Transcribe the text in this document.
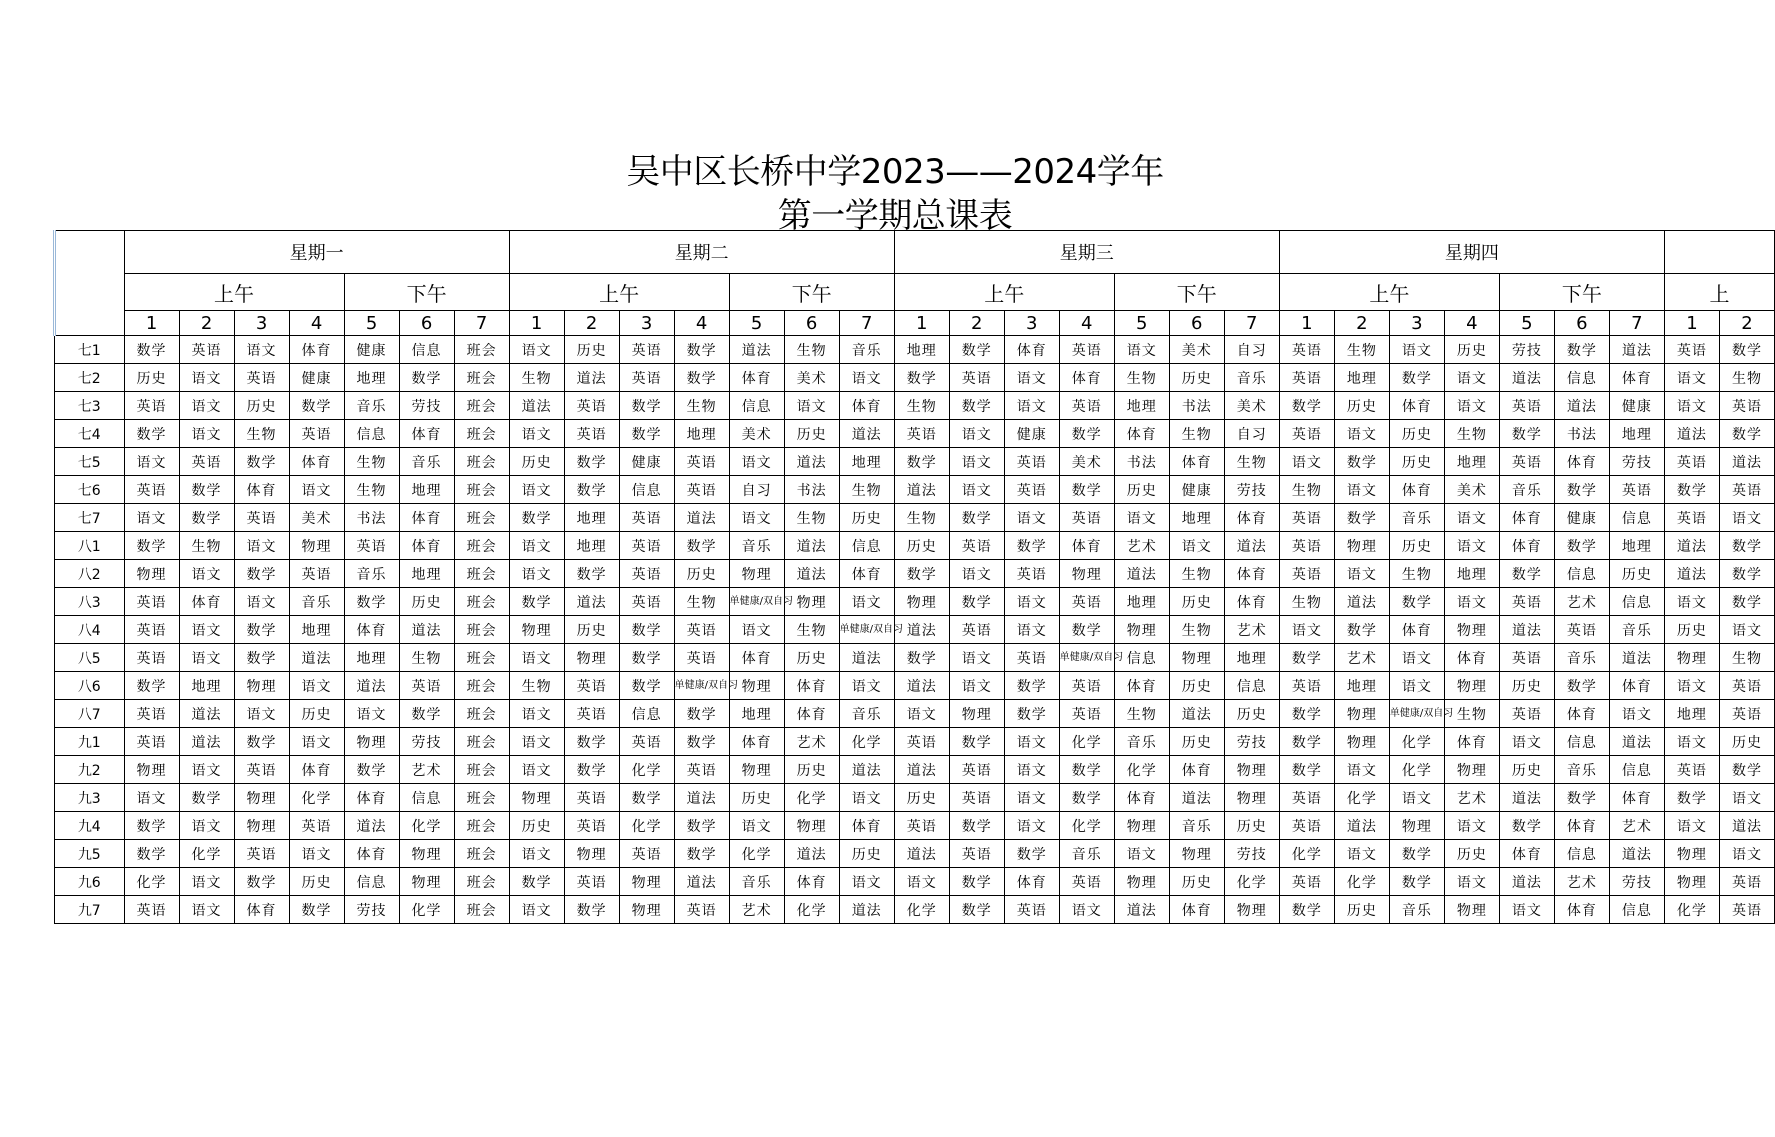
吴中区长桥中学2023——2024学年
第一学期总课表
	星期一							星期二							星期三							星期四								
	上午				下午			上午				下午			上午				下午			上午				下午			上	
	1	2	3	4	5	6	7	1	2	3	4	5	6	7	1	2	3	4	5	6	7	1	2	3	4	5	6	7	1	2
七1	数学	英语	语文	体育	健康	信息	班会	语文	历史	英语	数学	道法	生物	音乐	地理	数学	体育	英语	语文	美术	自习	英语	生物	语文	历史	劳技	数学	道法	英语	数学
七2	历史	语文	英语	健康	地理	数学	班会	生物	道法	英语	数学	体育	美术	语文	数学	英语	语文	体育	生物	历史	音乐	英语	地理	数学	语文	道法	信息	体育	语文	生物
七3	英语	语文	历史	数学	音乐	劳技	班会	道法	英语	数学	生物	信息	语文	体育	生物	数学	语文	英语	地理	书法	美术	数学	历史	体育	语文	英语	道法	健康	语文	英语
七4	数学	语文	生物	英语	信息	体育	班会	语文	英语	数学	地理	美术	历史	道法	英语	语文	健康	数学	体育	生物	自习	英语	语文	历史	生物	数学	书法	地理	道法	数学
七5	语文	英语	数学	体育	生物	音乐	班会	历史	数学	健康	英语	语文	道法	地理	数学	语文	英语	美术	书法	体育	生物	语文	数学	历史	地理	英语	体育	劳技	英语	道法
七6	英语	数学	体育	语文	生物	地理	班会	语文	数学	信息	英语	自习	书法	生物	道法	语文	英语	数学	历史	健康	劳技	生物	语文	体育	美术	音乐	数学	英语	数学	英语
七7	语文	数学	英语	美术	书法	体育	班会	数学	地理	英语	道法	语文	生物	历史	生物	数学	语文	英语	语文	地理	体育	英语	数学	音乐	语文	体育	健康	信息	英语	语文
八1	数学	生物	语文	物理	英语	体育	班会	语文	地理	英语	数学	音乐	道法	信息	历史	英语	数学	体育	艺术	语文	道法	英语	物理	历史	语文	体育	数学	地理	道法	数学
八2	物理	语文	数学	英语	音乐	地理	班会	语文	数学	英语	历史	物理	道法	体育	数学	语文	英语	物理	道法	生物	体育	英语	语文	生物	地理	数学	信息	历史	道法	数学
八3	英语	体育	语文	音乐	数学	历史	班会	数学	道法	英语	生物	单健康/双自习	物理	语文	物理	数学	语文	英语	地理	历史	体育	生物	道法	数学	语文	英语	艺术	信息	语文	数学
八4	英语	语文	数学	地理	体育	道法	班会	物理	历史	数学	英语	语文	生物	单健康/双自习	道法	英语	语文	数学	物理	生物	艺术	语文	数学	体育	物理	道法	英语	音乐	历史	语文
八5	英语	语文	数学	道法	地理	生物	班会	语文	物理	数学	英语	体育	历史	道法	数学	语文	英语	单健康/双自习	信息	物理	地理	数学	艺术	语文	体育	英语	音乐	道法	物理	生物
八6	数学	地理	物理	语文	道法	英语	班会	生物	英语	数学	单健康/双自习	物理	体育	语文	道法	语文	数学	英语	体育	历史	信息	英语	地理	语文	物理	历史	数学	体育	语文	英语
八7	英语	道法	语文	历史	语文	数学	班会	语文	英语	信息	数学	地理	体育	音乐	语文	物理	数学	英语	生物	道法	历史	数学	物理	单健康/双自习	生物	英语	体育	语文	地理	英语
九1	英语	道法	数学	语文	物理	劳技	班会	语文	数学	英语	数学	体育	艺术	化学	英语	数学	语文	化学	音乐	历史	劳技	数学	物理	化学	体育	语文	信息	道法	语文	历史
九2	物理	语文	英语	体育	数学	艺术	班会	语文	数学	化学	英语	物理	历史	道法	道法	英语	语文	数学	化学	体育	物理	数学	语文	化学	物理	历史	音乐	信息	英语	数学
九3	语文	数学	物理	化学	体育	信息	班会	物理	英语	数学	道法	历史	化学	语文	历史	英语	语文	数学	体育	道法	物理	英语	化学	语文	艺术	道法	数学	体育	数学	语文
九4	数学	语文	物理	英语	道法	化学	班会	历史	英语	化学	数学	语文	物理	体育	英语	数学	语文	化学	物理	音乐	历史	英语	道法	物理	语文	数学	体育	艺术	语文	道法
九5	数学	化学	英语	语文	体育	物理	班会	语文	物理	英语	数学	化学	道法	历史	道法	英语	数学	音乐	语文	物理	劳技	化学	语文	数学	历史	体育	信息	道法	物理	语文
九6	化学	语文	数学	历史	信息	物理	班会	数学	英语	物理	道法	音乐	体育	语文	语文	数学	体育	英语	物理	历史	化学	英语	化学	数学	语文	道法	艺术	劳技	物理	英语
九7	英语	语文	体育	数学	劳技	化学	班会	语文	数学	物理	英语	艺术	化学	道法	化学	数学	英语	语文	道法	体育	物理	数学	历史	音乐	物理	语文	体育	信息	化学	英语
